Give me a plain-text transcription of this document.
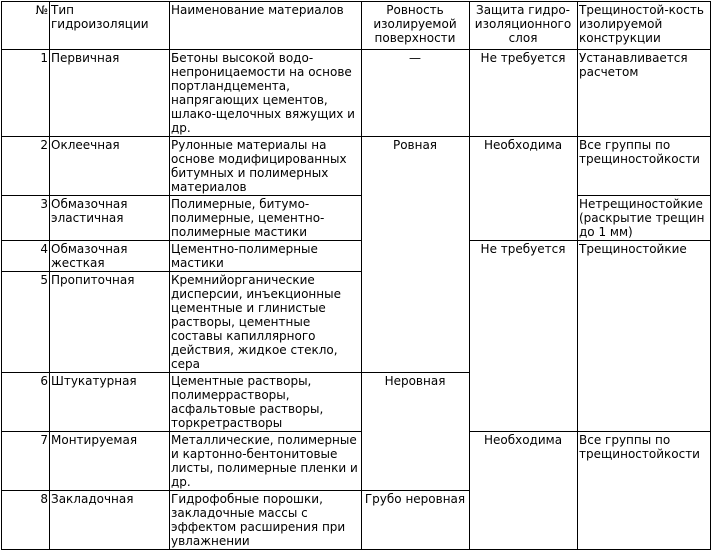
№	Тип гидроизоляции	Наименование материалов	Ровность изолируемой поверхности	Защита гидро-изоляционного слоя	Трещиностой-кость изолируемой конструкции
1	Первичная	Бетоны высокой водо-непроницаемости на основе портландцемента, напрягающих цементов, шлако-щелочных вяжущих и др.	—	Не требуется	Устанавливается расчетом
2	Оклеечная	Рулонные материалы на основе модифицированных битумных и полимерных материалов	Ровная	Необходима	Все группы по трещиностойкости
3	Обмазочная эластичная	Полимерные, битумо-полимерные, цементно-полимерные мастики			Нетрещиностойкие (раскрытие трещин до 1 мм)
4	Обмазочная жесткая	Цементно-полимерные мастики		Не требуется	Трещиностойкие
5	Пропиточная	Кремнийорганические дисперсии, инъекционные цементные и глинистые растворы, цементные составы капиллярного действия, жидкое стекло, сера			
6	Штукатурная	Цементные растворы, полимеррастворы, асфальтовые растворы, торкретрастворы	Неровная		
7	Монтируемая	Металлические, полимерные и картонно-бентонитовые листы, полимерные пленки и др.		Необходима	Все группы по трещиностойкости
8	Закладочная	Гидрофобные порошки, закладочные массы с эффектом расширения при увлажнении	Грубо неровная		
